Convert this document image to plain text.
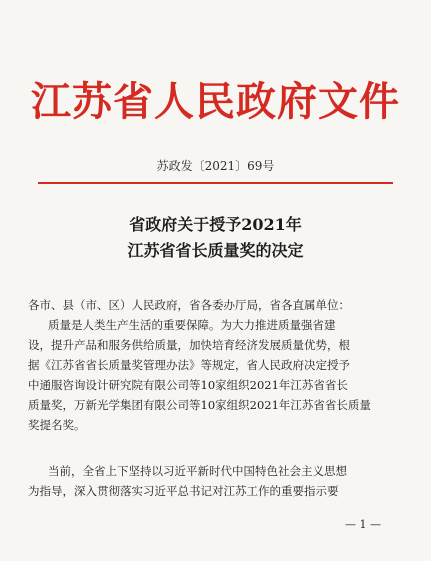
江苏省人民政府文件
苏政发〔2021〕69号
省政府关于授予2021年
江苏省省长质量奖的决定
各市、县（市、区）人民政府，省各委办厅局，省各直属单位：
质量是人类生产生活的重要保障。为大力推进质量强省建
设，提升产品和服务供给质量，加快培育经济发展质量优势，根
据《江苏省省长质量奖管理办法》等规定，省人民政府决定授予
中通服咨询设计研究院有限公司等10家组织2021年江苏省省长
质量奖，万新光学集团有限公司等10家组织2021年江苏省省长质量
奖提名奖。
当前，全省上下坚持以习近平新时代中国特色社会主义思想
为指导，深入贯彻落实习近平总书记对江苏工作的重要指示要
— 1 —
